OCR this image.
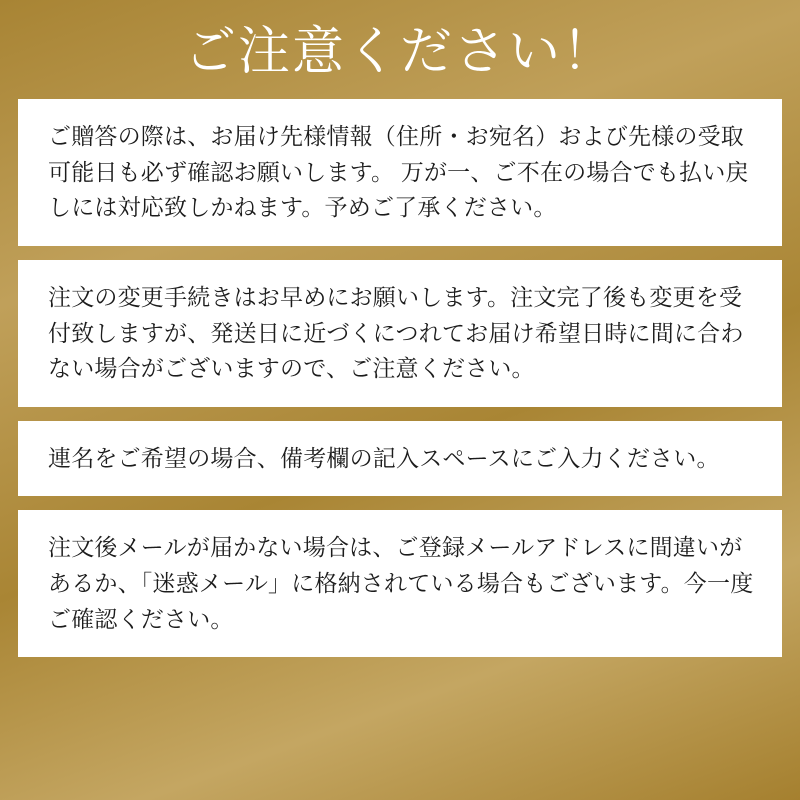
ご注意ください！

ご贈答の際は、お届け先様情報（住所・お宛名）および先様の受取可能日も必ず確認お願いします。 万が一、ご不在の場合でも払い戻しには対応致しかねます。予めご了承ください。

注文の変更手続きはお早めにお願いします。注文完了後も変更を受付致しますが、発送日に近づくにつれてお届け希望日時に間に合わない場合がございますので、ご注意ください。

連名をご希望の場合、備考欄の記入スペースにご入力ください。

注文後メールが届かない場合は、ご登録メールアドレスに間違いがあるか、「迷惑メール」に格納されている場合もございます。今一度ご確認ください。
